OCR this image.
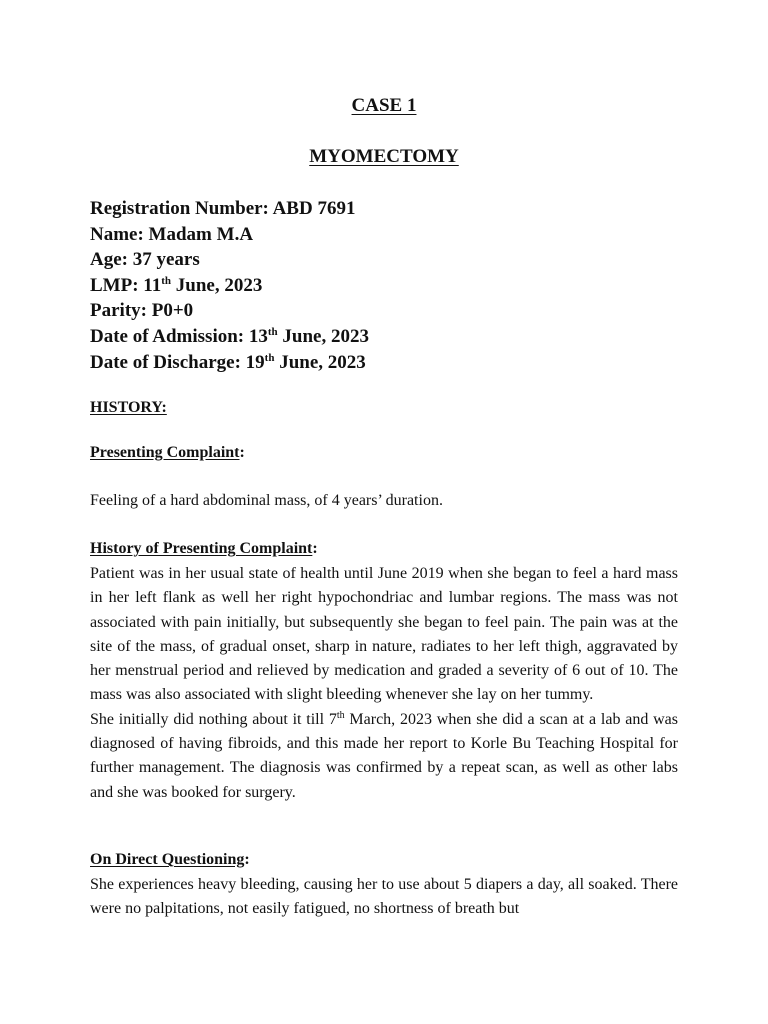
CASE 1
MYOMECTOMY
Registration Number: ABD 7691
Name: Madam M.A
Age: 37 years
LMP: 11th June, 2023
Parity: P0+0
Date of Admission: 13th June, 2023
Date of Discharge: 19th June, 2023
HISTORY:
Presenting Complaint:
Feeling of a hard abdominal mass, of 4 years’ duration.
History of Presenting Complaint:

Patient was in her usual state of health until June 2019 when she began to feel a hard mass in her left flank as well her right hypochondriac and lumbar regions. The mass was not associated with pain initially, but subsequently she began to feel pain. The pain was at the site of the mass, of gradual onset, sharp in nature, radiates to her left thigh, aggravated by her menstrual period and relieved by medication and graded a severity of 6 out of 10. The mass was also associated with slight bleeding whenever she lay on her tummy.

She initially did nothing about it till 7th March, 2023 when she did a scan at a lab and was diagnosed of having fibroids, and this made her report to Korle Bu Teaching Hospital for further management. The diagnosis was confirmed by a repeat scan, as well as other labs and she was booked for surgery.

On Direct Questioning:

She experiences heavy bleeding, causing her to use about 5 diapers a day, all soaked. There were no palpitations, not easily fatigued, no shortness of breath but
